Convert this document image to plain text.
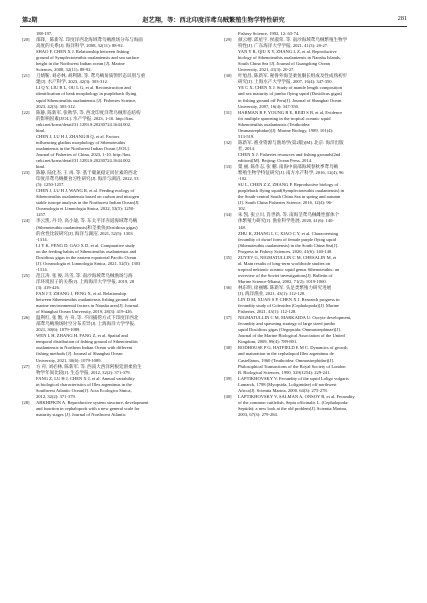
第2期	赵艺翔，等：西北印度洋鸢乌贼繁殖生物学特性研究	281
188-197.
[20] 邵锋，陈新军. 印度洋西北海域鸢乌贼渔场分布与海面
高度的关系[J]. 海洋科学, 2008, 32(11): 88-92.
SHAO F, CHEN X J. Relationship between fishing
ground of Symplectoteuthis oualaniensis and sea surface
height in the Northwest Indian ocean [J]. Marine
Sciences, 2008, 32(11): 88-92.
[21] 刀婧靳, 刘必林, 胡利锦, 等. 鸢乌贼角质颚形态识别与重
建[J]. 水产科学, 2023, 42(3): 303-312.
LI Q Y, LIU B L, OU L G, et al. Reconstruction and
identification of beak morphology in purpleback flying
squid Sthenoteuthis oualaniensis [J]. Fisheries Science,
2023, 42(3): 303-312.
[22] 陈静, 陈新军, 张秋华, 等. 西北印度洋鸢乌贼形态结构
的影响因素[J/OL]. 水产学报, 2023, 1-10. http://kns.
cnki.net/kcms/detail/31.1283.S.20230724.1644.002.
html.
CHEN J, LU H J, ZHANG B Q, et al. Factors
influencing gladius morphology of Sthenoteuthis
oualaniensis in the Northwest Indian Ocean [J/OL].
Journal of Fisheries of China, 2023, 1-10. http://kns.
cnki.net/kcms/detail/31.1283.S.20230724.1644.002.
html.
[23] 陈静, 陆化杰, 王 再, 等. 基于碳氮稳定同位素的西北
印度洋鸢乌贼摄食习性研究[J]. 海洋与湖沼, 2022, 53
(5): 1250-1257.
CHEN J, LU H J, WANG R, et al. Feeding ecology of
Sthenoteuthis oualaniensis based on carbon and nitrogen
stable isotope analysis in the Northwest Indian Ocean[J].
Oceanologia et Limnologia Sinica, 2022, 53(5): 1250-
1257.
[24] 李云凯, 丹 玲, 高小迪, 等. 东太平洋赤道海域鸢乌贼
(Sthenoteuthis oualaniensis)和茎柔鱼(Dosidicus gigas)
的食性比较研究[J]. 海洋与湖沼, 2021, 52(5): 1303
-1314.
LI Y K, FENG D, GAO X D, et al. Comparative study
on the feeding habits of Sthenoteuthis oualaniensis and
Dosidicus gigas in the eastern equatorial Pacific Ocean
[J]. Oceanologia et Limnologia Sinica, 2021, 52(5): 1303
-1314.
[25] 范江涛, 张 俊, 冯雪, 等. 南沙海域鸢乌贼渔场与海
洋环境因子的关系[J]. 上海海洋大学学报, 2019, 28
(3): 419-426.
FAN J T, ZHANG J, FENG X, et al. Relationship
between Sthenoteuthis oualaniensis fishing ground and
marine environmental factors in Nansha area[J]. Journal
of Shanghai Ocean University, 2019, 28(3): 419-426.
[26] 温利红, 张 衡, 方 舟, 等. 不同捕捞方式下印度洋西北
部鸢乌贼渔场时空分布差异[J]. 上海海洋大学学报,
2021, 30(6): 1079-1089.
WEN L H, ZHANG H, FANG Z, et al. Spatial and
temporal distribution of fishing ground of Sthenoteuthis
oualaniensis in Northern Indian Ocean with different
fishing methods [J]. Journal of Shanghai Ocean
University, 2021, 30(6): 1079-1089.
[27] 方 舟, 刘必林, 陈新军, 等. 西南大西洋阿根廷滑柔鱼生
物学年间比较[J]. 生态学报, 2012, 32(2): 371-379.
FANG Z, LU H J, CHEN X J, et al. Annual variability
in biological characteristics of Illex argentinus in the
Southwest Atlantic Ocean[J]. Acta Ecologica Sinica,
2012, 32(2): 371-379.
[28] ARKHIPKIN A. Reproductive system structure, development
and function in cephalopods with a new general scale for
maturity stages [J]. Journal of Northwest Atlantic
Fishery Science, 1992, 12: 63-74.
[29] 颜云榕, 邱星宇, 侯淑荣, 等. 南沙海域鸢乌贼繁殖生物学
特性[J]. 广东海洋大学学报, 2021, 41(3): 20-27.
YAN Y R, QIU X Y, ZHANG L Z, et al. Reproductive
biology of Sthenoteuthis oualaniensis in Nansha Islands,
South China Sea [J]. Journal of Guangdong Ocean
University, 2021, 41(3): 20-27.
[30] 叶旭昌, 陈新军. 秘鲁外海茎柔鱼胴长组成及性成熟初步
研究[J]. 上海水产大学学报, 2007, 16(4): 347-350.
YE C X, CHEN X J. Study of mantle length composition
and sex maturity of jumbo flying squid (Dosidicus gigas)
in fishing ground off Peru[J]. Journal of Shanghai Ocean
University, 2007, 16(4): 347-350.
[31] HARMAN R F, YOUNG R E, REID S B, et al. Evidence
for multiple spawning in the tropical oceanic squid
Sthenoteuthis oualaniensis (Teuthoidea:
Ommastrephidae)[J]. Marine Biology, 1989, 101(4):
513-519.
[32] 陈新军. 渔业资源与渔场学(第2版)[M]. 北京: 海洋出版
社, 2014.
CHEN X J. Fisheries resources and fishing grounds(2nd
edition)[M]. Beijing: Ocean Press, 2014.
[33] 粟 丽, 陈作志, 张 鹏. 南海中南部海域春秋季鸢乌贼
繁殖生物学特征研究[J]. 南方水产科学, 2016, 12(4), 96
-102.
SU L, CHEN Z Z, ZHANG P. Reproductive biology of
purpleback flying squid(Symplectoteuthis oualaniensis) in
the South-central South China Sea in spring and autumn
[J]. South China Fisheries Science, 2016, 12(4): 96-
102.
[34] 朱 凯, 张立川, 肖世新, 等. 南海茎鸢乌贼雌性群体个
体繁殖力研究[J]. 渔业科学进展, 2020, 41(6): 140-
148.
ZHU K, ZHANG L C, XIAO C Y, et al. Characterising
fecundity of dwarf form of female purple flying squid
(Sthenoteuthis oualaniensis) in the South China Sea[J].
Progress in Fishery Sciences, 2020, 41(6): 140-148.
[35] ZUYEV G, NIGMATULLIN C M, CHESALIN M, et
al. Main results of long-term worldwide studies on
tropical nektonic oceanic squid genus Sthenoteuthis: an
overview of the Soviet investigations[J]. Bulletin of
Marine Science-Miami, 2002, 71(2): 1019-1060.
[36] 林东明, 徐丽娜, 陈新军. 头足类繁殖力研究进展
[J]. 海洋渔业, 2021, 43(1): 112-128.
LIN D M, XUAN S P, CHEN X J. Research progress in
fecundity study of Coleoidea (Cephalopoda)[J]. Marine
Fisheries, 2021, 43(1): 112-128.
[37] NIGMATULLIN C M, MARKAIDA U. Oocyte development,
fecundity and spawning strategy of large sized jumbo
squid Dosidicus gigas (Oegopsida: Ommastrephinae)[J].
Journal of the Marine Biological Association of the United
Kingdom, 2009, 89(4): 789-801.
[38] RODHOUSE P G, HATFIELD E M C. Dynamics of growth
and maturation in the cephalopod Illex argentinus de
Castellanos, 1960 (Teuthoidea: Ommastrephidae)[J].
Philosophical Transactions of the Royal Society of London
B. Biological Sciences, 1990, 329(1254): 229-241.
[39] LAPTIKHOVSKY V. Fecundity of the squid Loligo vulgaris
Lamarck, 1798 (Myopsida, Loliginidae) off northwest
Africa[J]. Scientia Marina, 2000, 64(3): 275-278.
[40] LAPTIKHOVSKY V, SALMAN A, ONSOY B, et al. Fecundity
of the common cuttlefish, Sepia officinalis L. (Cephalopoda:
Sepiida): a new look at the old problem[J]. Scientia Marina,
2003, 67(3): 279-284.
